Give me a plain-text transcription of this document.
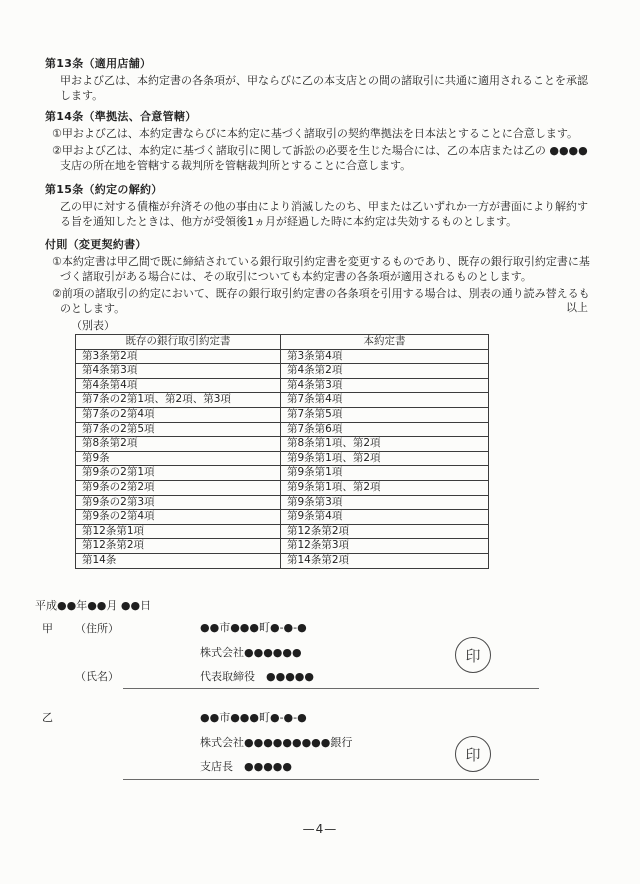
第13条（適用店舗）

甲および乙は、本約定書の各条項が、甲ならびに乙の本支店との間の諸取引に共通に適用されることを承認します。

第14条（準拠法、合意管轄）

①甲および乙は、本約定書ならびに本約定に基づく諸取引の契約準拠法を日本法とすることに合意します。

②甲および乙は、本約定に基づく諸取引に関して訴訟の必要を生じた場合には、乙の本店または乙の ●●●● 支店の所在地を管轄する裁判所を管轄裁判所とすることに合意します。

第15条（約定の解約）

乙の甲に対する債権が弁済その他の事由により消滅したのち、甲または乙いずれか一方が書面により解約する旨を通知したときは、他方が受領後1ヵ月が経過した時に本約定は失効するものとします。

付則（変更契約書）

①本約定書は甲乙間で既に締結されている銀行取引約定書を変更するものであり、既存の銀行取引約定書に基づく諸取引がある場合には、その取引についても本約定書の各条項が適用されるものとします。

②前項の諸取引の約定において、既存の銀行取引約定書の各条項を引用する場合は、別表の通り読み替えるものとします。	以上
（別表）
既存の銀行取引約定書	本約定書
第3条第2項	第3条第4項
第4条第3項	第4条第2項
第4条第4項	第4条第3項
第7条の2第1項、第2項、第3項	第7条第4項
第7条の2第4項	第7条第5項
第7条の2第5項	第7条第6項
第8条第2項	第8条第1項、第2項
第9条	第9条第1項、第2項
第9条の2第1項	第9条第1項
第9条の2第2項	第9条第1項、第2項
第9条の2第3項	第9条第3項
第9条の2第4項	第9条第4項
第12条第1項	第12条第2項
第12条第2項	第12条第3項
第14条	第14条第2項
平成●●年●●月 ●●日
甲 （住所）	●●市●●●町●-●-●
株式会社●●●●●●
（氏名）	代表取締役　●●●●●
印
乙	●●市●●●町●-●-●
株式会社●●●●●●●●●銀行
支店長　●●●●●
印
—4—
